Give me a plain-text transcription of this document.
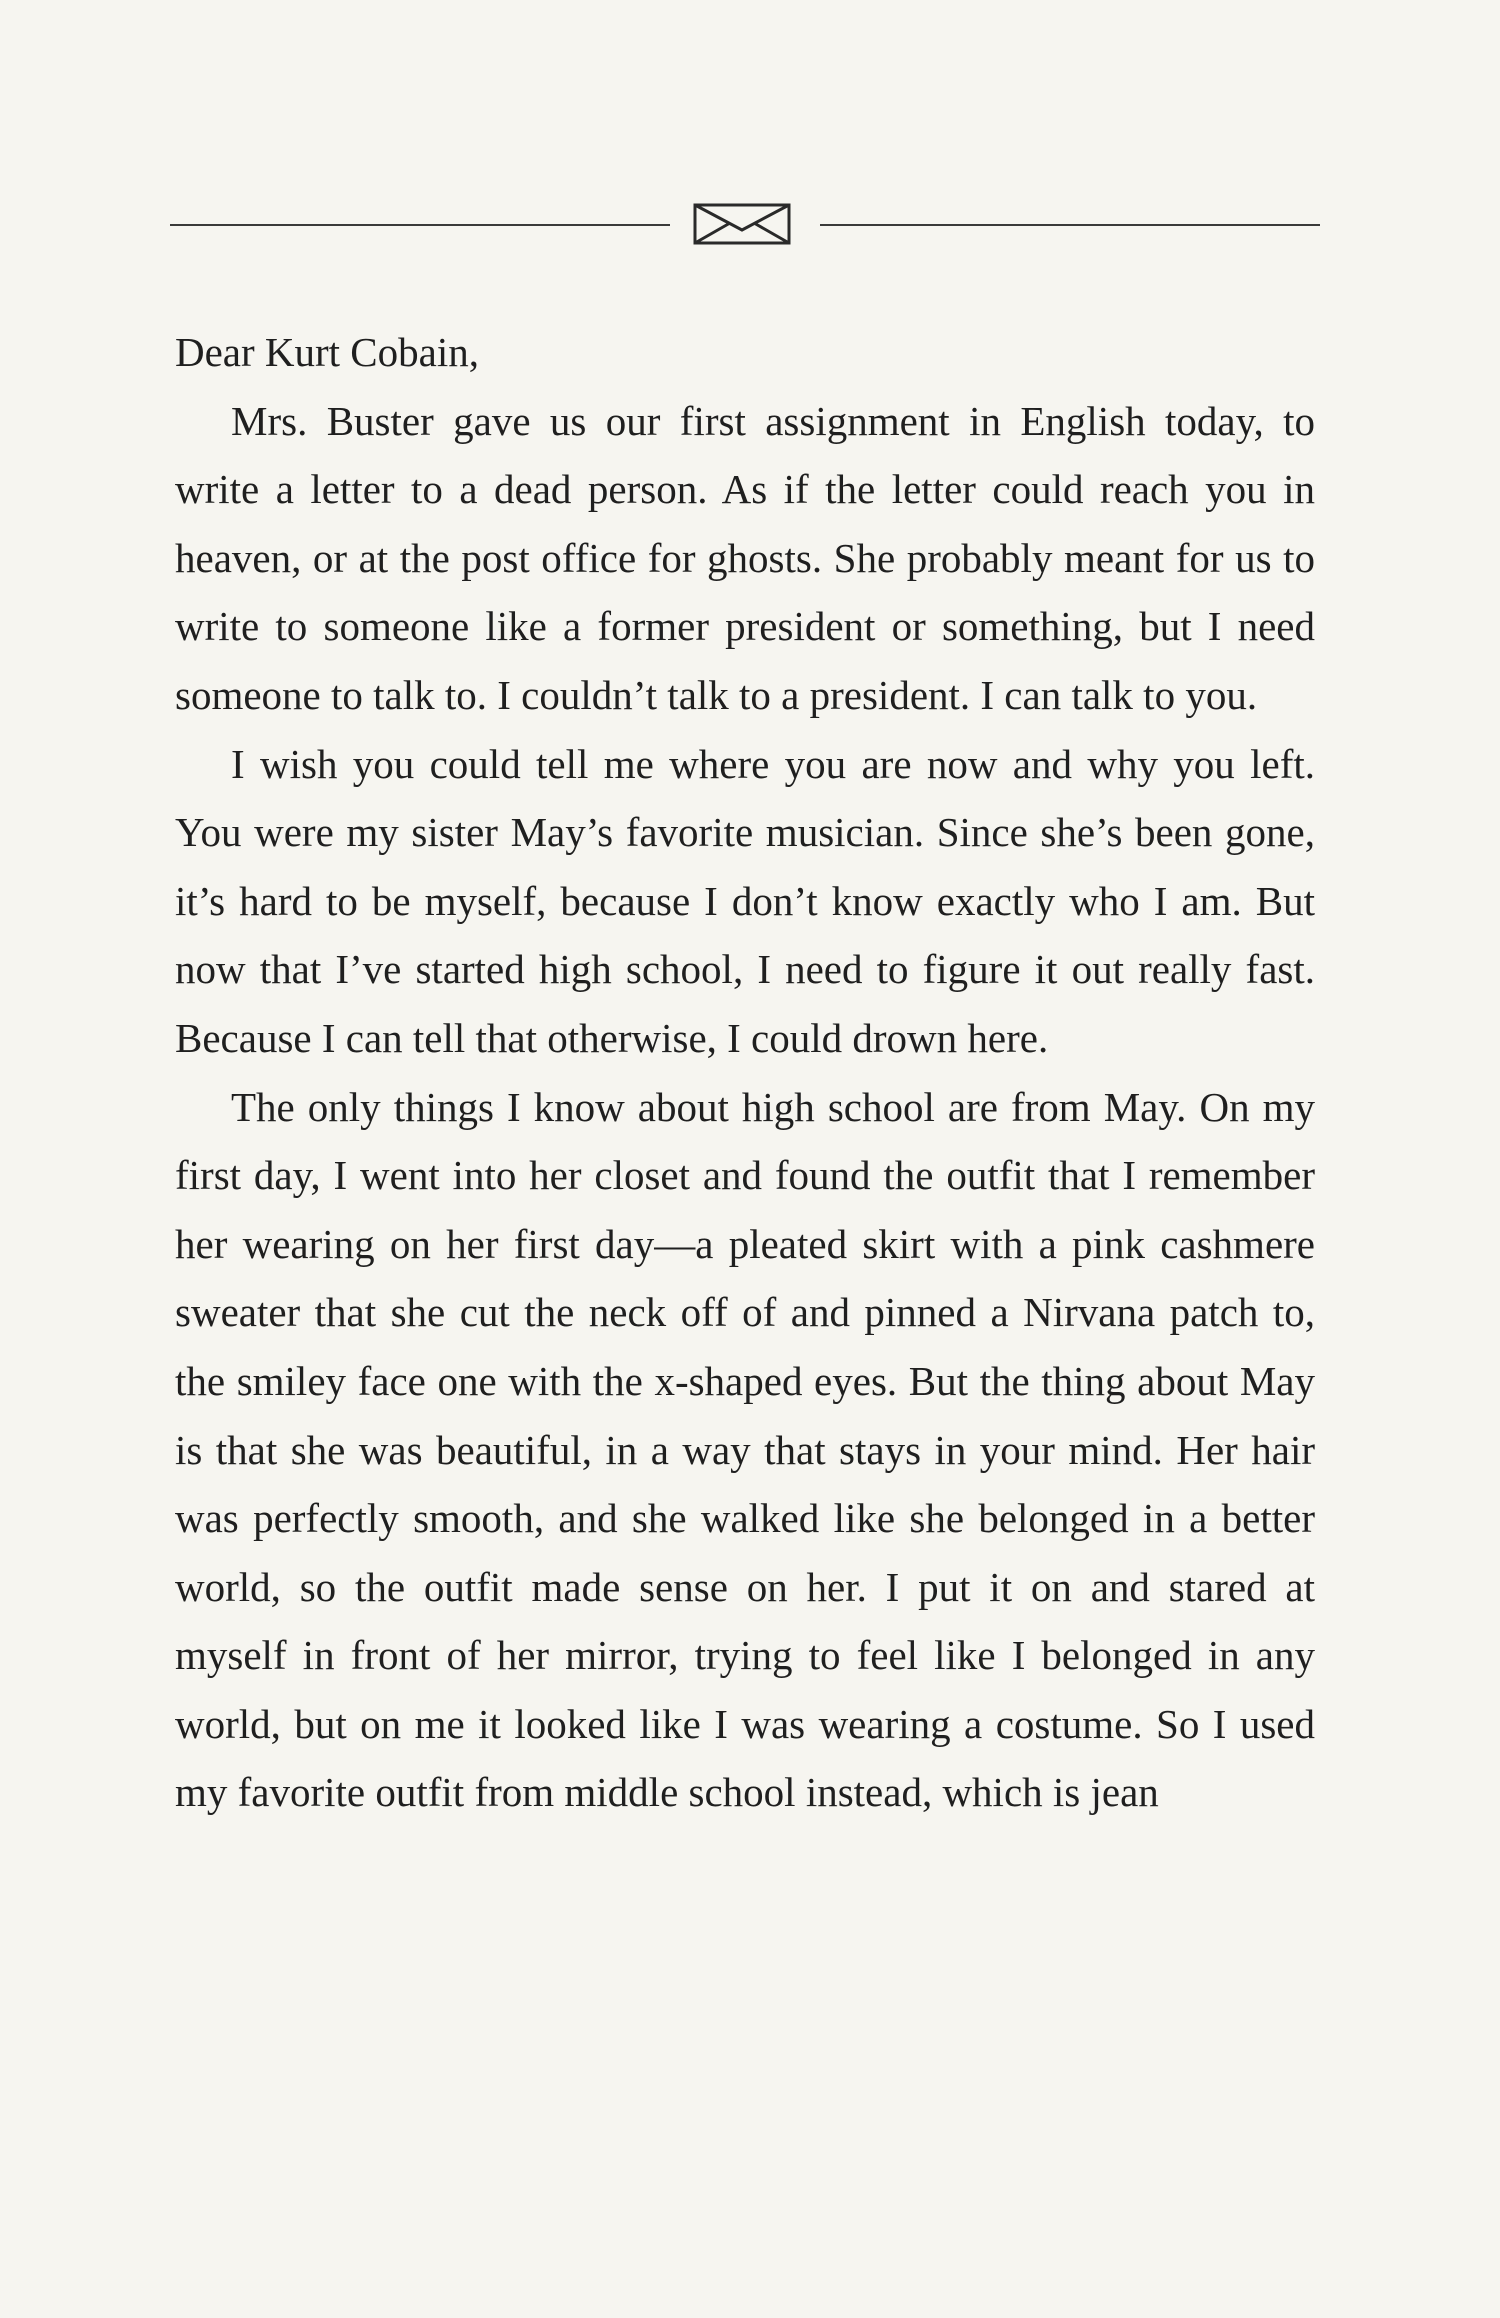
Dear Kurt Cobain,

Mrs. Buster gave us our first assignment in English today, to write a letter to a dead person. As if the letter could reach you in heaven, or at the post office for ghosts. She probably meant for us to write to someone like a former president or something, but I need someone to talk to. I couldn’t talk to a president. I can talk to you.

I wish you could tell me where you are now and why you left. You were my sister May’s favorite musician. Since she’s been gone, it’s hard to be myself, because I don’t know exactly who I am. But now that I’ve started high school, I need to figure it out really fast. Because I can tell that otherwise, I could drown here.

The only things I know about high school are from May. On my first day, I went into her closet and found the outfit that I remember her wearing on her first day—a pleated skirt with a pink cashmere sweater that she cut the neck off of and pinned a Nirvana patch to, the smiley face one with the x-shaped eyes. But the thing about May is that she was beautiful, in a way that stays in your mind. Her hair was perfectly smooth, and she walked like she belonged in a better world, so the outfit made sense on her. I put it on and stared at myself in front of her mirror, trying to feel like I belonged in any world, but on me it looked like I was wearing a costume. So I used my favorite outfit from middle school instead, which is jean
